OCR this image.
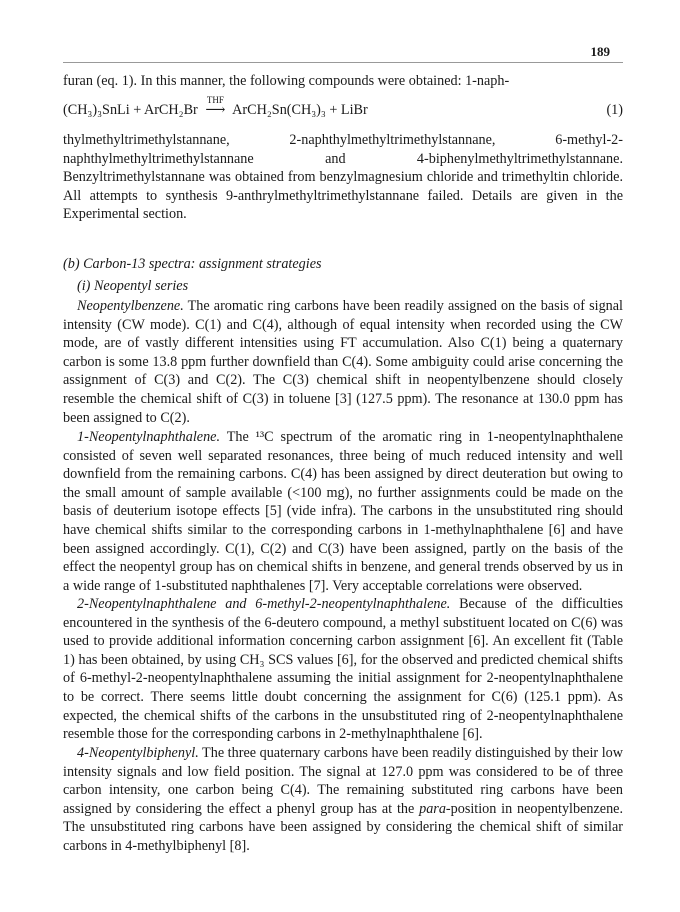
189

furan (eq. 1). In this manner, the following compounds were obtained: 1-naph-

(CH₃)₃SnLi + ArCH₂Br
THF
⟶ ArCH₂Sn(CH₃)₃ + LiBr	(1)

thylmethyltrimethylstannane, 2-naphthylmethyltrimethylstannane, 6-methyl-2-naphthylmethyltrimethylstannane and 4-biphenylmethyltrimethylstannane. Benzyltrimethylstannane was obtained from benzylmagnesium chloride and trimethyltin chloride. All attempts to synthesis 9-anthrylmethyltrimethylstannane failed. Details are given in the Experimental section.

(b) Carbon-13 spectra: assignment strategies
(i) Neopentyl series

Neopentylbenzene. The aromatic ring carbons have been readily assigned on the basis of signal intensity (CW mode). C(1) and C(4), although of equal intensity when recorded using the CW mode, are of vastly different intensities using FT accumulation. Also C(1) being a quaternary carbon is some 13.8 ppm further downfield than C(4). Some ambiguity could arise concerning the assignment of C(3) and C(2). The C(3) chemical shift in neopentylbenzene should closely resemble the chemical shift of C(3) in toluene [3] (127.5 ppm). The resonance at 130.0 ppm has been assigned to C(2).

1-Neopentylnaphthalene. The ¹³C spectrum of the aromatic ring in 1-neopentylnaphthalene consisted of seven well separated resonances, three being of much reduced intensity and well downfield from the remaining carbons. C(4) has been assigned by direct deuteration but owing to the small amount of sample available (<100 mg), no further assignments could be made on the basis of deuterium isotope effects [5] (vide infra). The carbons in the unsubstituted ring should have chemical shifts similar to the corresponding carbons in 1-methylnaphthalene [6] and have been assigned accordingly. C(1), C(2) and C(3) have been assigned, partly on the basis of the effect the neopentyl group has on chemical shifts in benzene, and general trends observed by us in a wide range of 1-substituted naphthalenes [7]. Very acceptable correlations were observed.

2-Neopentylnaphthalene and 6-methyl-2-neopentylnaphthalene. Because of the difficulties encountered in the synthesis of the 6-deutero compound, a methyl substituent located on C(6) was used to provide additional information concerning carbon assignment [6]. An excellent fit (Table 1) has been obtained, by using CH₃ SCS values [6], for the observed and predicted chemical shifts of 6-methyl-2-neopentylnaphthalene assuming the initial assignment for 2-neopentylnaphthalene to be correct. There seems little doubt concerning the assignment for C(6) (125.1 ppm). As expected, the chemical shifts of the carbons in the unsubstituted ring of 2-neopentylnaphthalene resemble those for the corresponding carbons in 2-methylnaphthalene [6].

4-Neopentylbiphenyl. The three quaternary carbons have been readily distinguished by their low intensity signals and low field position. The signal at 127.0 ppm was considered to be of three carbon intensity, one carbon being C(4). The remaining substituted ring carbons have been assigned by considering the effect a phenyl group has at the para-position in neopentylbenzene. The unsubstituted ring carbons have been assigned by considering the chemical shift of similar carbons in 4-methylbiphenyl [8].
